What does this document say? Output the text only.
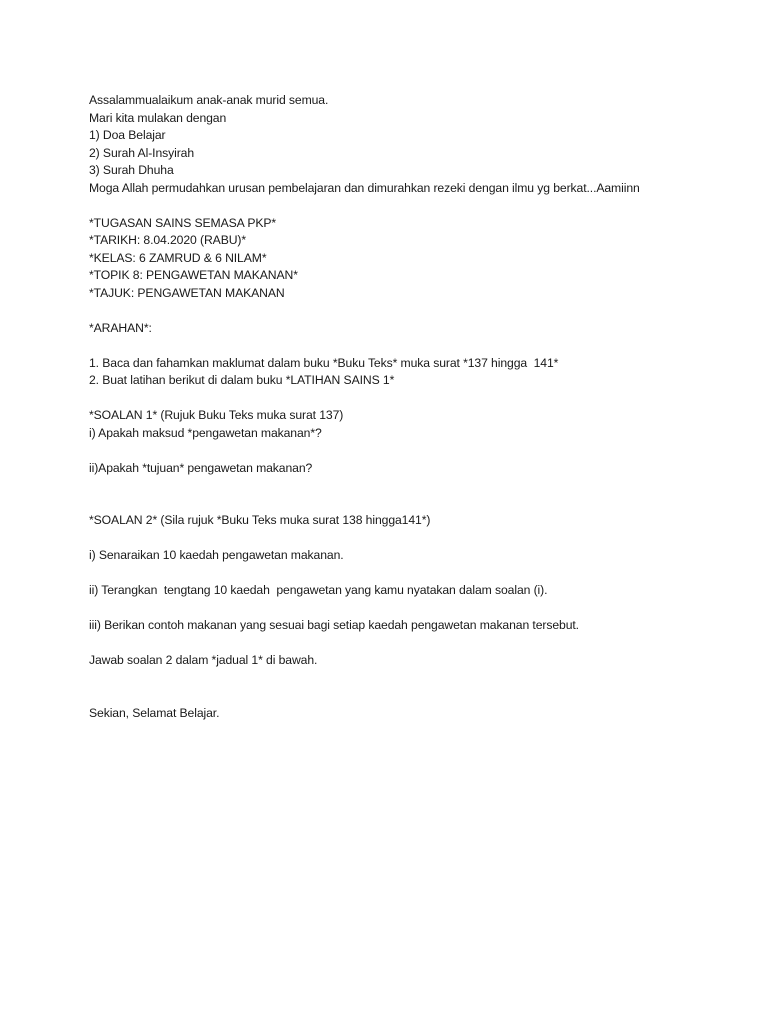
Assalammualaikum anak-anak murid semua.
Mari kita mulakan dengan
1) Doa Belajar
2) Surah Al-Insyirah
3) Surah Dhuha
Moga Allah permudahkan urusan pembelajaran dan dimurahkan rezeki dengan ilmu yg berkat...Aamiinn
*TUGASAN SAINS SEMASA PKP*
*TARIKH: 8.04.2020 (RABU)*
*KELAS: 6 ZAMRUD & 6 NILAM*
*TOPIK 8: PENGAWETAN MAKANAN*
*TAJUK: PENGAWETAN MAKANAN
*ARAHAN*:
1. Baca dan fahamkan maklumat dalam buku *Buku Teks* muka surat *137 hingga  141*
2. Buat latihan berikut di dalam buku *LATIHAN SAINS 1*
*SOALAN 1* (Rujuk Buku Teks muka surat 137)
i) Apakah maksud *pengawetan makanan*?
ii)Apakah *tujuan* pengawetan makanan?
*SOALAN 2* (Sila rujuk *Buku Teks muka surat 138 hingga141*)
i) Senaraikan 10 kaedah pengawetan makanan.
ii) Terangkan  tengtang 10 kaedah  pengawetan yang kamu nyatakan dalam soalan (i).
iii) Berikan contoh makanan yang sesuai bagi setiap kaedah pengawetan makanan tersebut.
Jawab soalan 2 dalam *jadual 1* di bawah.
Sekian, Selamat Belajar.
